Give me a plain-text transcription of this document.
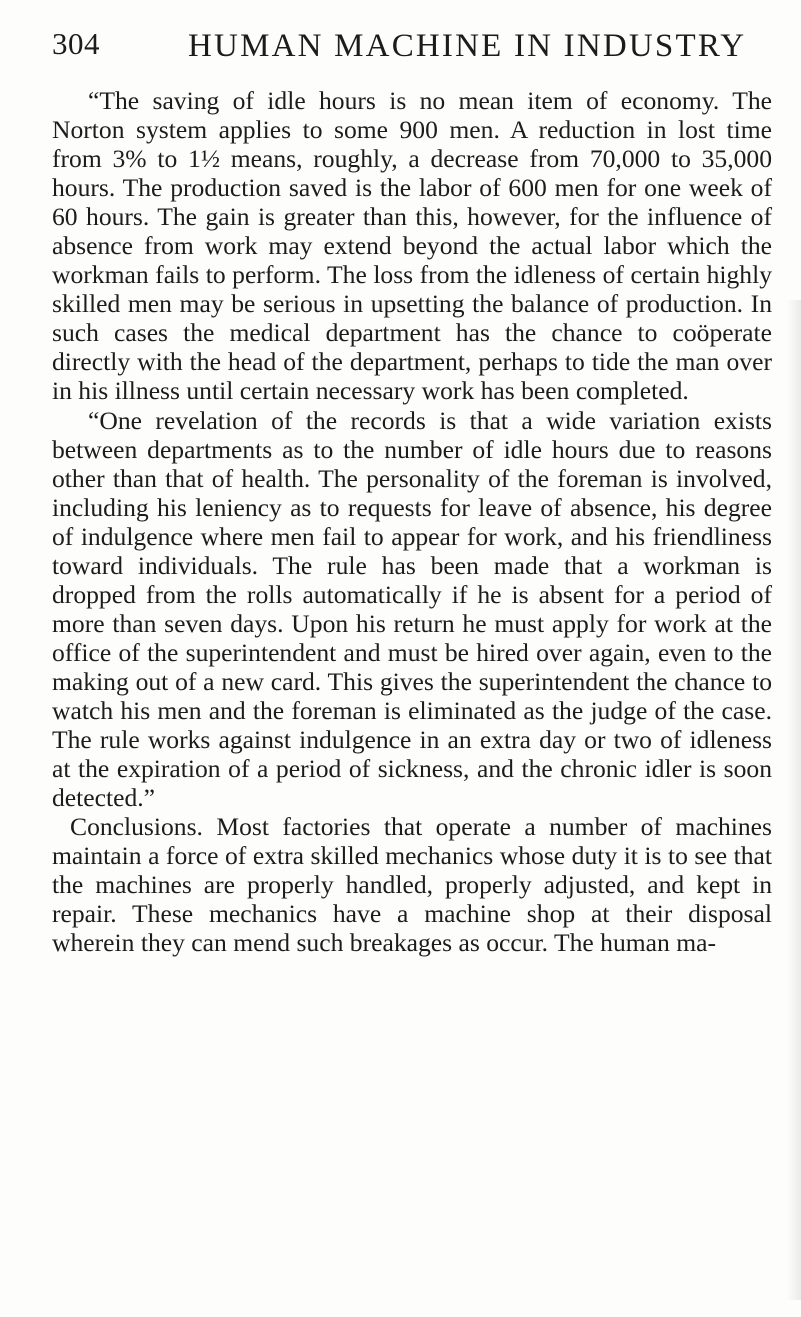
304	HUMAN MACHINE IN INDUSTRY

“The saving of idle hours is no mean item of economy. The Norton system applies to some 900 men. A reduction in lost time from 3% to 1½ means, roughly, a decrease from 70,000 to 35,000 hours. The production saved is the labor of 600 men for one week of 60 hours. The gain is greater than this, however, for the influence of absence from work may extend beyond the actual labor which the workman fails to perform. The loss from the idleness of certain highly skilled men may be serious in upsetting the balance of production. In such cases the medical department has the chance to coöperate directly with the head of the department, perhaps to tide the man over in his illness until certain necessary work has been completed.

“One revelation of the records is that a wide variation exists between departments as to the number of idle hours due to reasons other than that of health. The personality of the foreman is involved, including his leniency as to requests for leave of absence, his degree of indulgence where men fail to appear for work, and his friendliness toward individuals. The rule has been made that a workman is dropped from the rolls automatically if he is absent for a period of more than seven days. Upon his return he must apply for work at the office of the superintendent and must be hired over again, even to the making out of a new card. This gives the superintendent the chance to watch his men and the foreman is eliminated as the judge of the case. The rule works against indulgence in an extra day or two of idleness at the expiration of a period of sickness, and the chronic idler is soon detected.”

Conclusions. Most factories that operate a number of machines maintain a force of extra skilled mechanics whose duty it is to see that the machines are properly handled, properly adjusted, and kept in repair. These mechanics have a machine shop at their disposal wherein they can mend such breakages as occur. The human ma-
